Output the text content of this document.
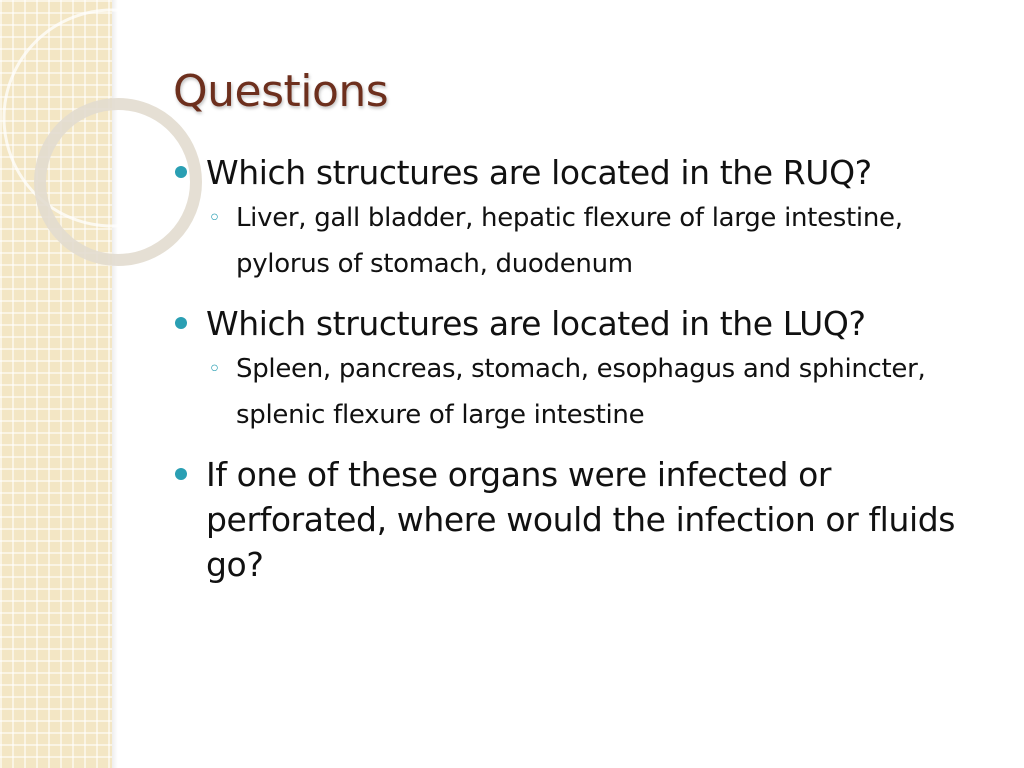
Questions
Which structures are located in the RUQ?
◦ Liver, gall bladder, hepatic flexure of large intestine, pylorus of stomach, duodenum
Which structures are located in the LUQ?
◦ Spleen, pancreas, stomach, esophagus and sphincter, splenic flexure of large intestine
If one of these organs were infected or perforated, where would the infection or fluids go?
